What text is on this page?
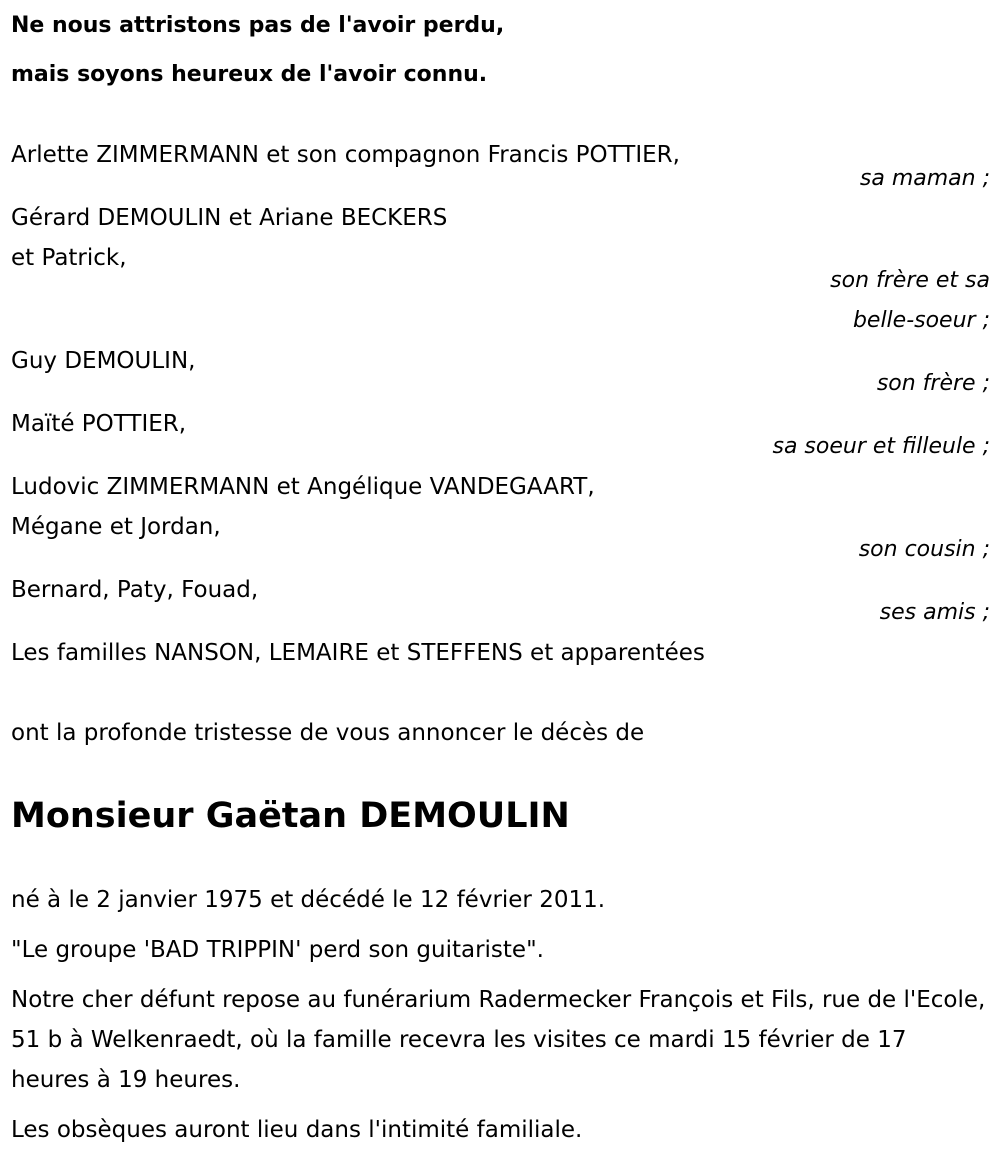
Ne nous attristons pas de l'avoir perdu,
mais soyons heureux de l'avoir connu.
Arlette ZIMMERMANN et son compagnon Francis POTTIER,
sa maman ;
Gérard DEMOULIN et Ariane BECKERS
et Patrick,
son frère et sa
belle-soeur ;
Guy DEMOULIN,
son frère ;
Maïté POTTIER,
sa soeur et filleule ;
Ludovic ZIMMERMANN et Angélique VANDEGAART,
Mégane et Jordan,
son cousin ;
Bernard, Paty, Fouad,
ses amis ;
Les familles NANSON, LEMAIRE et STEFFENS et apparentées
ont la profonde tristesse de vous annoncer le décès de
Monsieur Gaëtan DEMOULIN
né à le 2 janvier 1975 et décédé le 12 février 2011.
"Le groupe 'BAD TRIPPIN' perd son guitariste".
Notre cher défunt repose au funérarium Radermecker François et Fils, rue de l'Ecole, 51 b à Welkenraedt, où la famille recevra les visites ce mardi 15 février de 17 heures à 19 heures.
Les obsèques auront lieu dans l'intimité familiale.
